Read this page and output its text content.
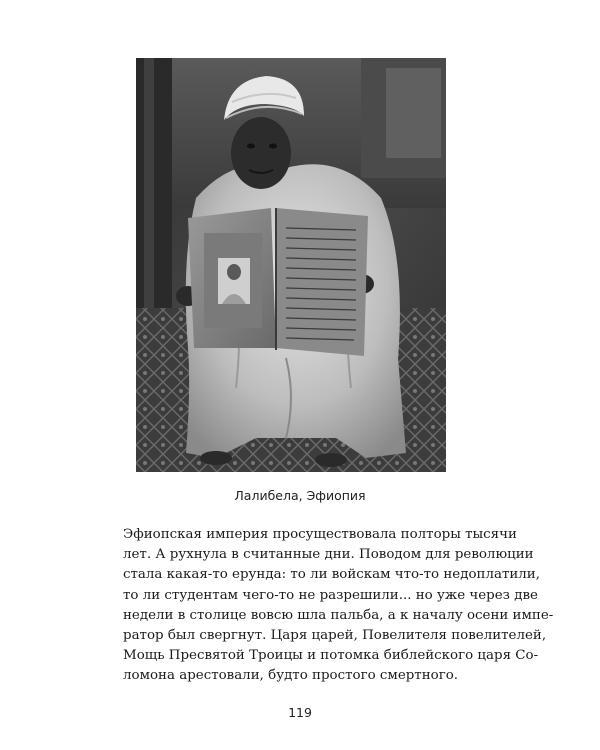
Лалибела, Эфиопия
Эфиопская империя просуществовала полторы тысячи
лет. А рухнула в считанные дни. Поводом для революции
стала какая-то ерунда: то ли войскам что-то недоплатили,
то ли студентам чего-то не разрешили... но уже через две
недели в столице вовсю шла пальба, а к началу осени импе-
ратор был свергнут. Царя царей, Повелителя повелителей,
Мощь Пресвятой Троицы и потомка библейского царя Со-
ломона арестовали, будто простого смертного.
119
